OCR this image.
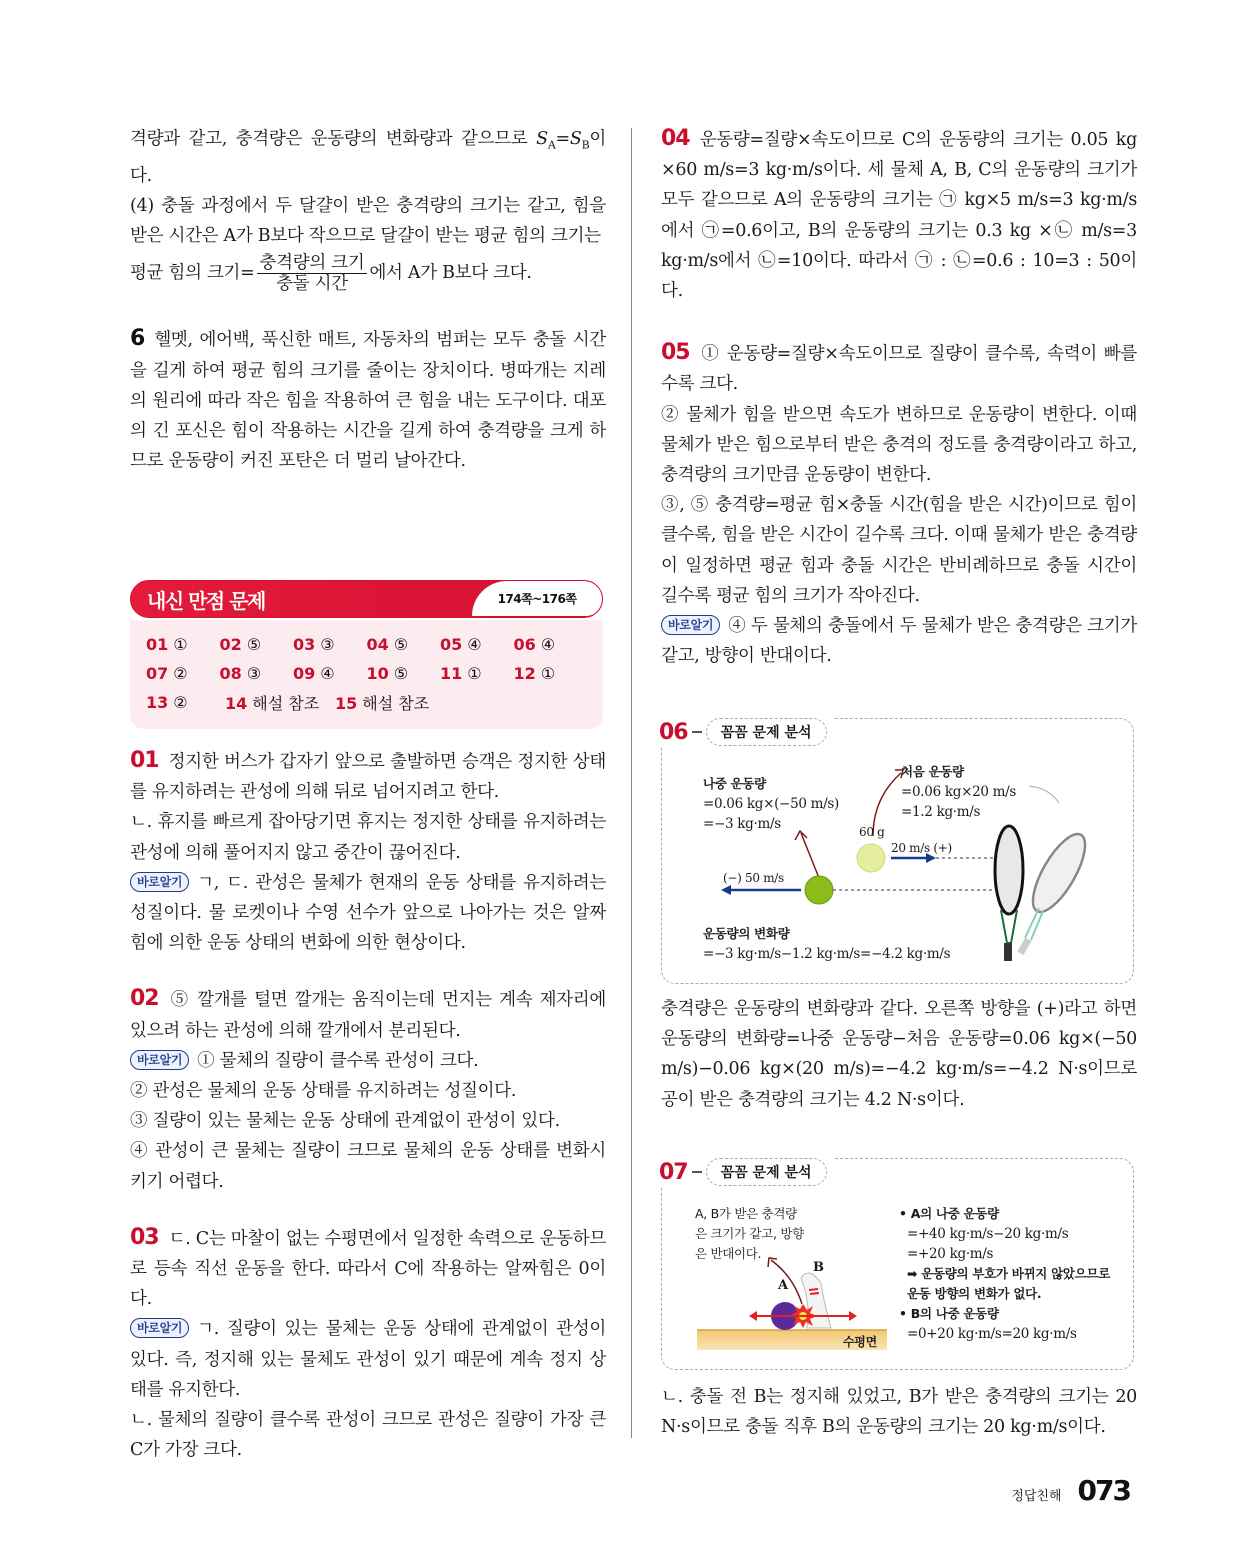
격량과 같고, 충격량은 운동량의 변화량과 같으므로 $S_A=S_B$이다.
(4) 충돌 과정에서 두 달걀이 받은 충격량의 크기는 같고, 힘을 받은 시간은 A가 B보다 작으므로 달걀이 받는 평균 힘의 크기는
평균 힘의 크기= $\frac{\text{충격량의 크기}}{\text{충돌 시간}}$ 에서 A가 B보다 크다.
6 헬멧, 에어백, 푹신한 매트, 자동차의 범퍼는 모두 충돌 시간을 길게 하여 평균 힘의 크기를 줄이는 장치이다. 병따개는 지레의 원리에 따라 작은 힘을 작용하여 큰 힘을 내는 도구이다. 대포의 긴 포신은 힘이 작용하는 시간을 길게 하여 충격량을 크게 하므로 운동량이 커진 포탄은 더 멀리 날아간다.
내신 만점 문제	174쪽~176쪽
01 ①	02 ⑤	03 ③	04 ⑤	05 ④	06 ④
07 ②	08 ③	09 ④	10 ⑤	11 ①	12 ①
13 ②	14 해설 참조 15 해설 참조
01 정지한 버스가 갑자기 앞으로 출발하면 승객은 정지한 상태를 유지하려는 관성에 의해 뒤로 넘어지려고 한다.
ㄴ. 휴지를 빠르게 잡아당기면 휴지는 정지한 상태를 유지하려는 관성에 의해 풀어지지 않고 중간이 끊어진다.
바로알기 ㄱ, ㄷ. 관성은 물체가 현재의 운동 상태를 유지하려는 성질이다. 물 로켓이나 수영 선수가 앞으로 나아가는 것은 알짜힘에 의한 운동 상태의 변화에 의한 현상이다.
02 ⑤ 깔개를 털면 깔개는 움직이는데 먼지는 계속 제자리에 있으려 하는 관성에 의해 깔개에서 분리된다.
바로알기 ① 물체의 질량이 클수록 관성이 크다.
② 관성은 물체의 운동 상태를 유지하려는 성질이다.
③ 질량이 있는 물체는 운동 상태에 관계없이 관성이 있다.
④ 관성이 큰 물체는 질량이 크므로 물체의 운동 상태를 변화시키기 어렵다.
03 ㄷ. C는 마찰이 없는 수평면에서 일정한 속력으로 운동하므로 등속 직선 운동을 한다. 따라서 C에 작용하는 알짜힘은 0이다.
바로알기 ㄱ. 질량이 있는 물체는 운동 상태에 관계없이 관성이 있다. 즉, 정지해 있는 물체도 관성이 있기 때문에 계속 정지 상태를 유지한다.
ㄴ. 물체의 질량이 클수록 관성이 크므로 관성은 질량이 가장 큰 C가 가장 크다.
04 운동량=질량×속도이므로 C의 운동량의 크기는 0.05 kg ×60 m/s=3 kg·m/s이다. 세 물체 A, B, C의 운동량의 크기가 모두 같으므로 A의 운동량의 크기는 ㉠ kg×5 m/s=3 kg·m/s에서 ㉠=0.6이고, B의 운동량의 크기는 0.3 kg ×㉡ m/s=3 kg·m/s에서 ㉡=10이다. 따라서 ㉠ : ㉡=0.6 : 10=3 : 50이다.
05 ① 운동량=질량×속도이므로 질량이 클수록, 속력이 빠를수록 크다.
② 물체가 힘을 받으면 속도가 변하므로 운동량이 변한다. 이때 물체가 받은 힘으로부터 받은 충격의 정도를 충격량이라고 하고, 충격량의 크기만큼 운동량이 변한다.
③, ⑤ 충격량=평균 힘×충돌 시간(힘을 받은 시간)이므로 힘이 클수록, 힘을 받은 시간이 길수록 크다. 이때 물체가 받은 충격량이 일정하면 평균 힘과 충돌 시간은 반비례하므로 충돌 시간이 길수록 평균 힘의 크기가 작아진다.
바로알기 ④ 두 물체의 충돌에서 두 물체가 받은 충격량은 크기가 같고, 방향이 반대이다.
06	꼼꼼 문제 분석
나중 운동량
=0.06 kg×(−50 m/s)
=−3 kg·m/s
처음 운동량
=0.06 kg×20 m/s
=1.2 kg·m/s
60 g
20 m/s (+)
(−) 50 m/s
운동량의 변화량
=−3 kg·m/s−1.2 kg·m/s=−4.2 kg·m/s
충격량은 운동량의 변화량과 같다. 오른쪽 방향을 (+)라고 하면 운동량의 변화량=나중 운동량−처음 운동량=0.06 kg×(−50 m/s)−0.06 kg×(20 m/s)=−4.2 kg·m/s=−4.2 N·s이므로 공이 받은 충격량의 크기는 4.2 N·s이다.
07	꼼꼼 문제 분석
A, B가 받은 충격량
은 크기가 같고, 방향
은 반대이다.
A
B
수평면
• A의 나중 운동량
=+40 kg·m/s−20 kg·m/s
=+20 kg·m/s
➡ 운동량의 부호가 바뀌지 않았으므로
운동 방향의 변화가 없다.
• B의 나중 운동량
=0+20 kg·m/s=20 kg·m/s
ㄴ. 충돌 전 B는 정지해 있었고, B가 받은 충격량의 크기는 20 N·s이므로 충돌 직후 B의 운동량의 크기는 20 kg·m/s이다.
정답친해 073
